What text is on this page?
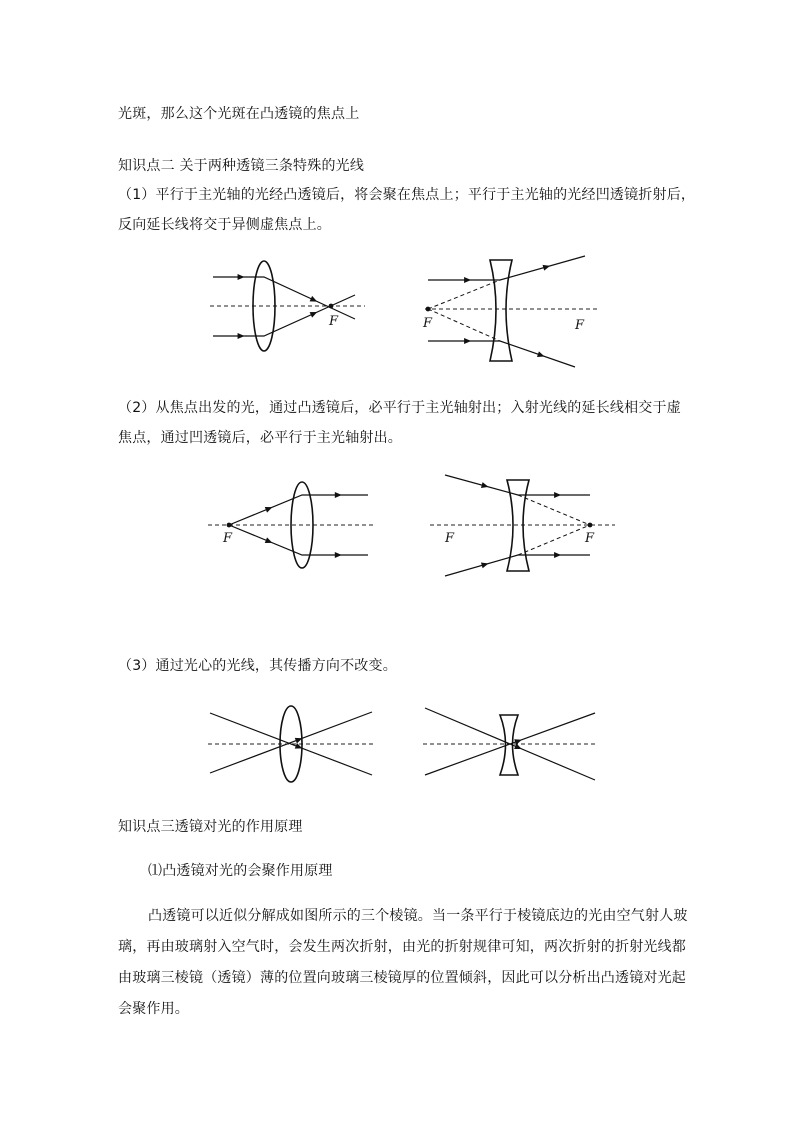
光斑，那么这个光斑在凸透镜的焦点上
知识点二 关于两种透镜三条特殊的光线
（1）平行于主光轴的光经凸透镜后，将会聚在焦点上；平行于主光轴的光经凹透镜折射后，
反向延长线将交于异侧虚焦点上。
F	F	F
（2）从焦点出发的光，通过凸透镜后，必平行于主光轴射出；入射光线的延长线相交于虚
焦点，通过凹透镜后，必平行于主光轴射出。
F	F	F
（3）通过光心的光线，其传播方向不改变。
知识点三透镜对光的作用原理
⑴凸透镜对光的会聚作用原理
凸透镜可以近似分解成如图所示的三个棱镜。当一条平行于棱镜底边的光由空气射人玻
璃，再由玻璃射入空气时，会发生两次折射，由光的折射规律可知，两次折射的折射光线都
由玻璃三棱镜（透镜）薄的位置向玻璃三棱镜厚的位置倾斜，因此可以分析出凸透镜对光起
会聚作用。
